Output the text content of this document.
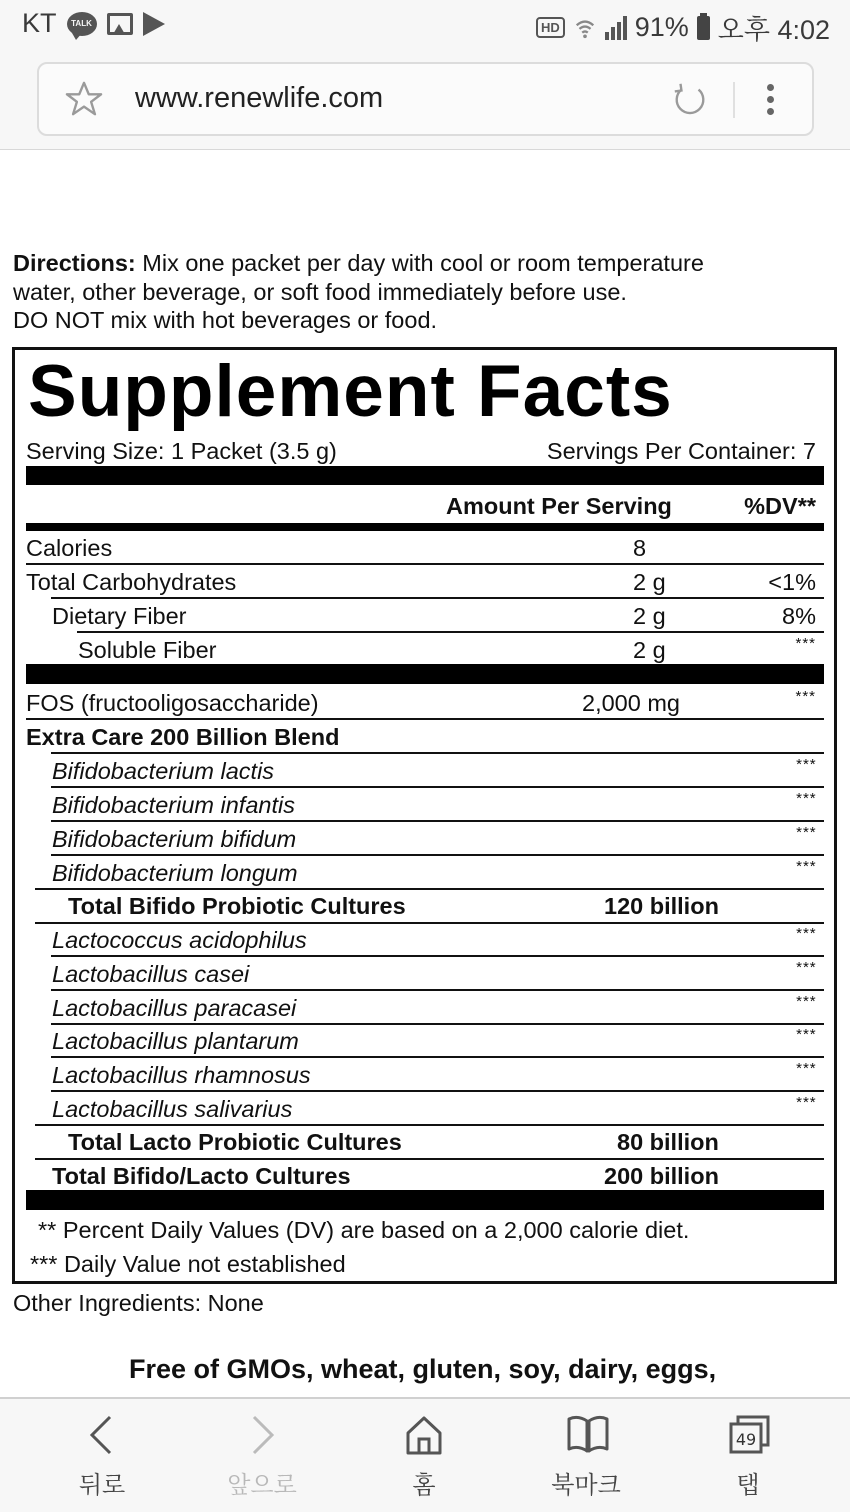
KT	TALK	HD	91% 오후 4:02
www.renewlife.com
Directions: Mix one packet per day with cool or room temperature
water, other beverage, or soft food immediately before use.
DO NOT mix with hot beverages or food.
Supplement Facts
Serving Size: 1 Packet (3.5 g)	Servings Per Container: 7
Amount Per Serving	%DV**
Calories	8
Total Carbohydrates	2 g	<1%
Dietary Fiber	2 g	8%
Soluble Fiber	2 g	***
FOS (fructooligosaccharide)	2,000 mg	***
Extra Care 200 Billion Blend
Bifidobacterium lactis	***
Bifidobacterium infantis	***
Bifidobacterium bifidum	***
Bifidobacterium longum	***
Total Bifido Probiotic Cultures	120 billion
Lactococcus acidophilus	***
Lactobacillus casei	***
Lactobacillus paracasei	***
Lactobacillus plantarum	***
Lactobacillus rhamnosus	***
Lactobacillus salivarius	***
Total Lacto Probiotic Cultures	80 billion
Total Bifido/Lacto Cultures	200 billion
** Percent Daily Values (DV) are based on a 2,000 calorie diet.
*** Daily Value not established
Other Ingredients: None
Free of GMOs, wheat, gluten, soy, dairy, eggs,
뒤로	앞으로	홈	북마크
49
탭
